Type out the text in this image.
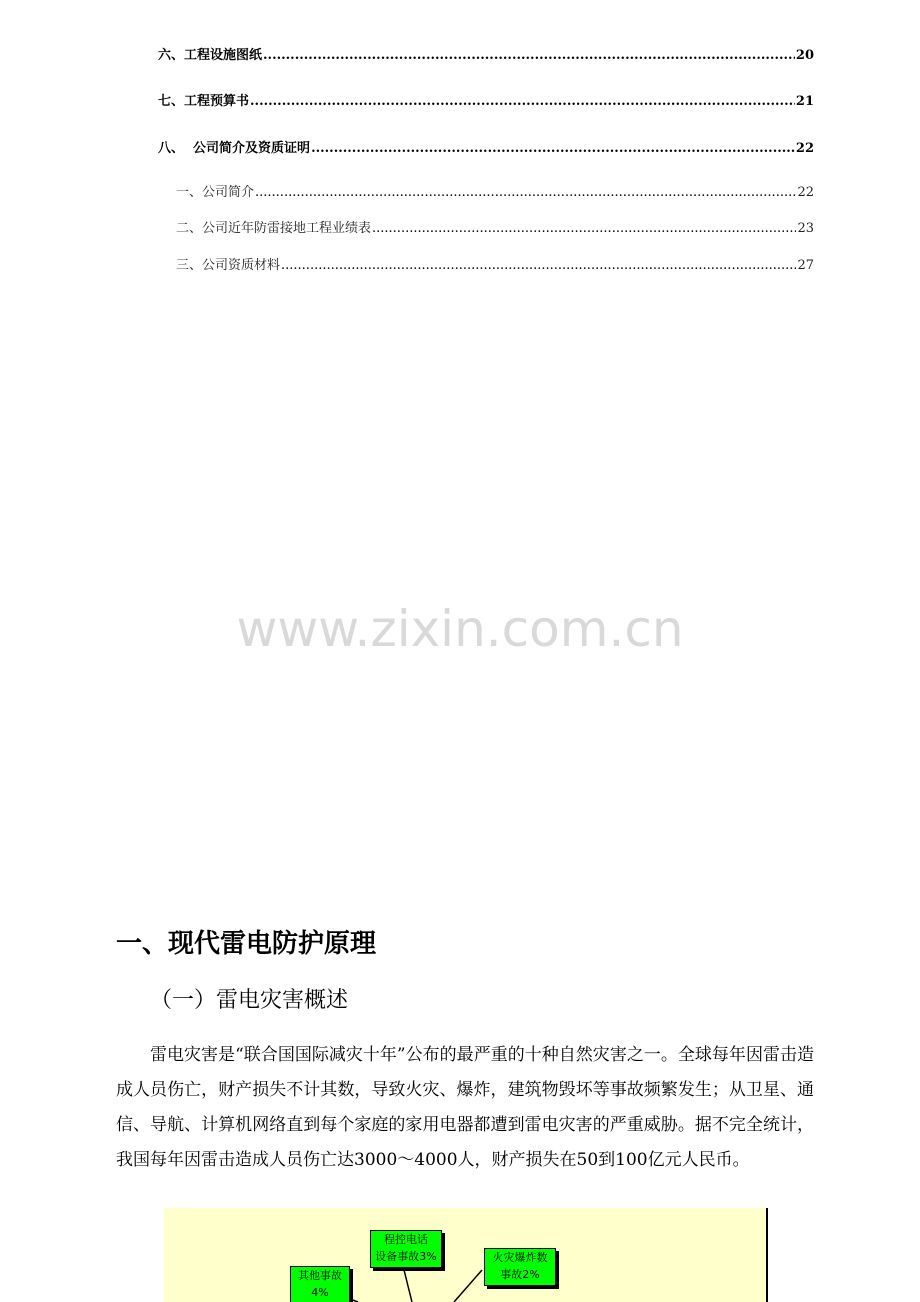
六、工程设施图纸 .....	20
七、工程预算书 .....	21
八、  公司简介及资质证明 .....	22
一、公司简介 .....	22
二、公司近年防雷接地工程业绩表 .....	23
三、公司资质材料 .....	27
www.zixin.com.cn
一、现代雷电防护原理
（一）雷电灾害概述
雷电灾害是“联合国国际减灾十年”公布的最严重的十种自然灾害之一。全球每年因雷击造成人员伤亡，财产损失不计其数，导致火灾、爆炸，建筑物毁坏等事故频繁发生；从卫星、通信、导航、计算机网络直到每个家庭的家用电器都遭到雷电灾害的严重威胁。据不完全统计，我国每年因雷击造成人员伤亡达3000～4000人，财产损失在50到100亿元人民币。
程控电话
设备事故3%
其他事故
4%
火灾爆炸数
事故2%
